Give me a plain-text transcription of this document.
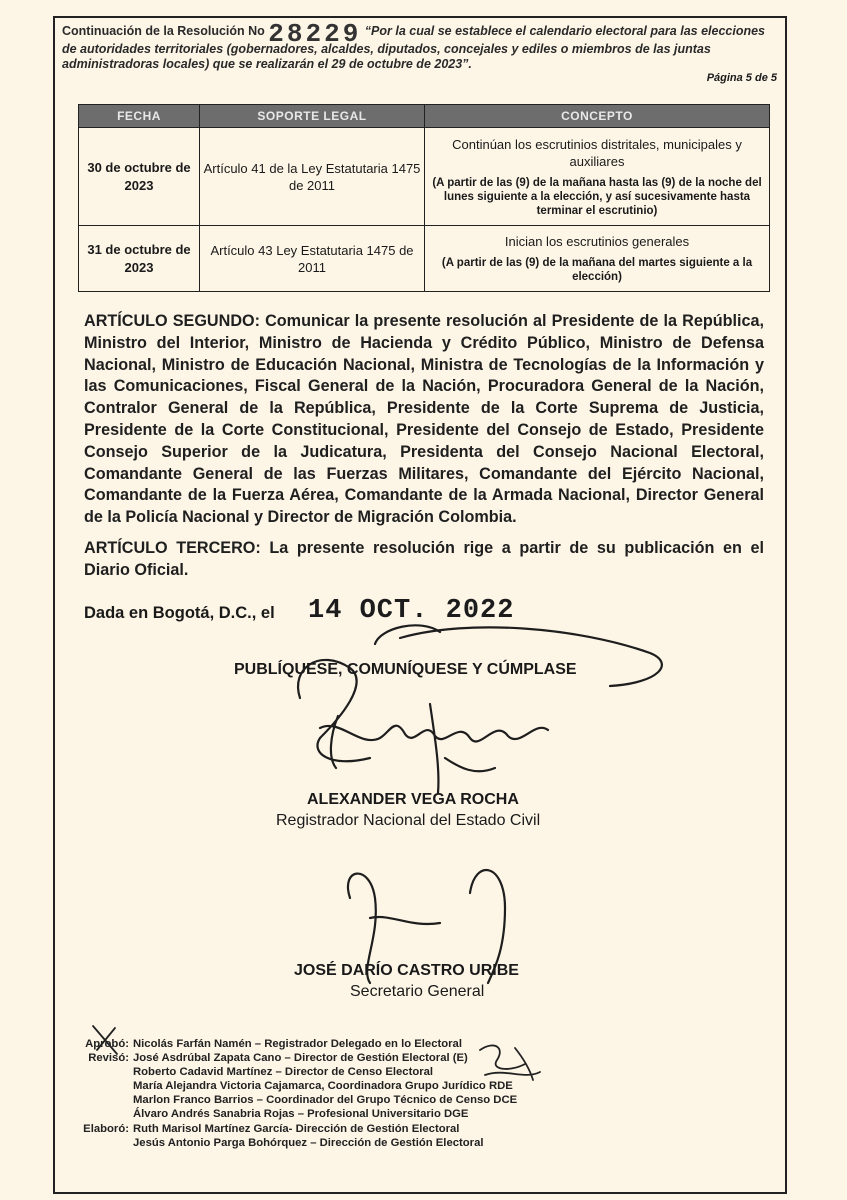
Continuación de la Resolución No 28229 “Por la cual se establece el calendario electoral para las elecciones de autoridades territoriales (gobernadores, alcaldes, diputados, concejales y ediles o miembros de las juntas administradoras locales) que se realizarán el 29 de octubre de 2023”.
Página 5 de 5
FECHA	SOPORTE LEGAL	CONCEPTO
30 de octubre de 2023	Artículo 41 de la Ley Estatutaria 1475 de 2011	Continúan los escrutinios distritales, municipales y auxiliares
(A partir de las (9) de la mañana hasta las (9) de la noche del lunes siguiente a la elección, y así sucesivamente hasta terminar el escrutinio)

31 de octubre de 2023	Artículo 43 Ley Estatutaria 1475 de 2011	Inician los escrutinios generales
(A partir de las (9) de la mañana del martes siguiente a la elección)
ARTÍCULO SEGUNDO: Comunicar la presente resolución al Presidente de la República, Ministro del Interior, Ministro de Hacienda y Crédito Público, Ministro de Defensa Nacional, Ministro de Educación Nacional, Ministra de Tecnologías de la Información y las Comunicaciones, Fiscal General de la Nación, Procuradora General de la Nación, Contralor General de la República, Presidente de la Corte Suprema de Justicia, Presidente de la Corte Constitucional, Presidente del Consejo de Estado, Presidente Consejo Superior de la Judicatura, Presidenta del Consejo Nacional Electoral, Comandante General de las Fuerzas Militares, Comandante del Ejército Nacional, Comandante de la Fuerza Aérea, Comandante de la Armada Nacional, Director General de la Policía Nacional y Director de Migración Colombia.
ARTÍCULO TERCERO: La presente resolución rige a partir de su publicación en el Diario Oficial.
Dada en Bogotá, D.C., el 14 OCT. 2022
PUBLÍQUESE, COMUNÍQUESE Y CÚMPLASE
ALEXANDER VEGA ROCHA
Registrador Nacional del Estado Civil
JOSÉ DARÍO CASTRO URIBE
Secretario General
Aprobó: Nicolás Farfán Namén – Registrador Delegado en lo Electoral
Revisó: José Asdrúbal Zapata Cano – Director de Gestión Electoral (E)
Roberto Cadavid Martínez – Director de Censo Electoral
María Alejandra Victoria Cajamarca, Coordinadora Grupo Jurídico RDE
Marlon Franco Barrios – Coordinador del Grupo Técnico de Censo DCE
Álvaro Andrés Sanabria Rojas – Profesional Universitario DGE
Elaboró: Ruth Marisol Martínez García- Dirección de Gestión Electoral
Jesús Antonio Parga Bohórquez – Dirección de Gestión Electoral
